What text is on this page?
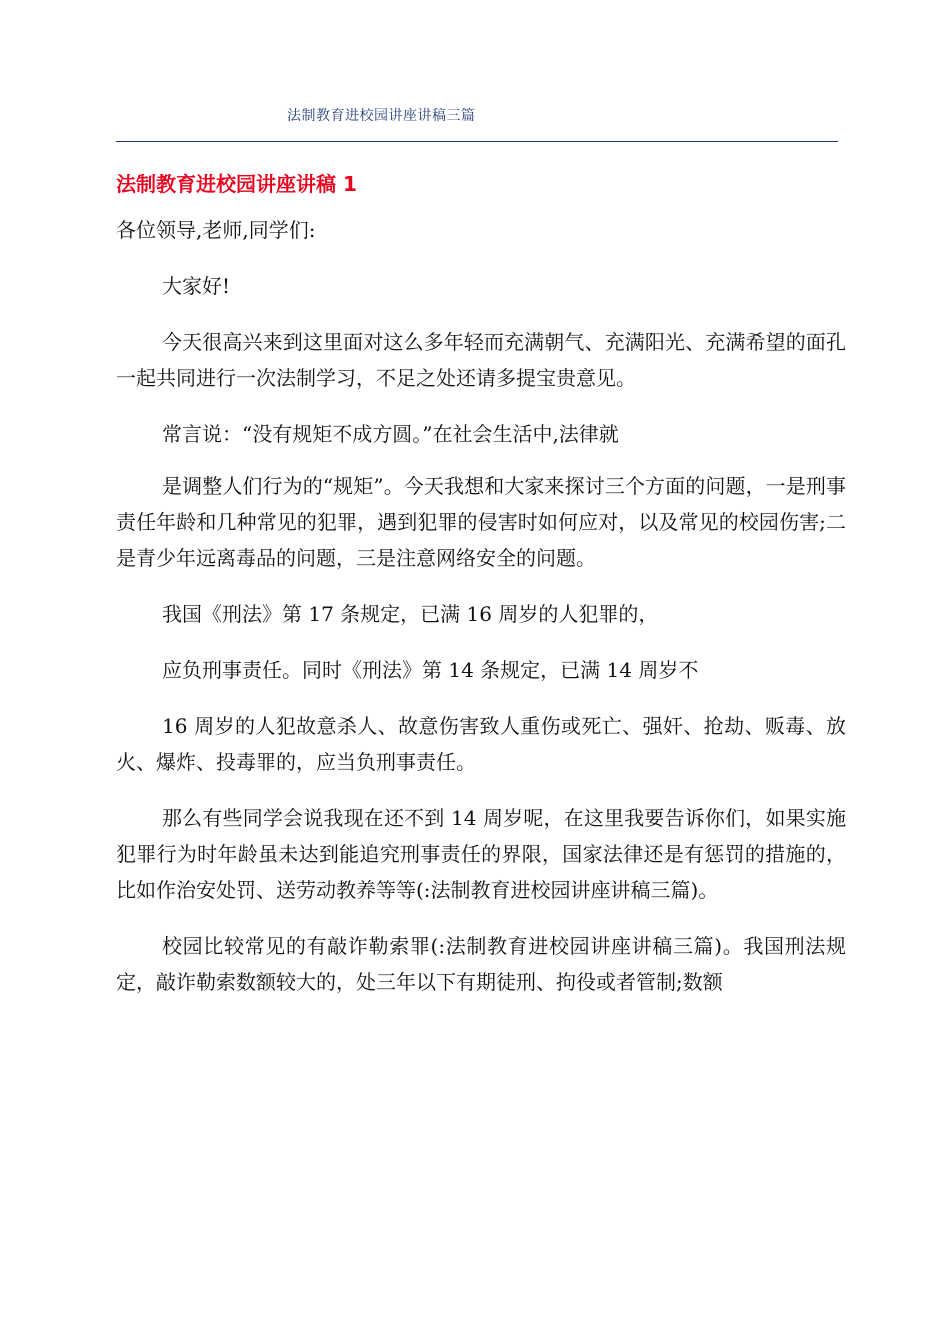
法制教育进校园讲座讲稿三篇
法制教育进校园讲座讲稿 1

各位领导,老师,同学们:

大家好!

今天很高兴来到这里面对这么多年轻而充满朝气、充满阳光、充满希望的面孔一起共同进行一次法制学习，不足之处还请多提宝贵意见。

常言说：“没有规矩不成方圆。”在社会生活中,法律就

是调整人们行为的“规矩”。今天我想和大家来探讨三个方面的问题，一是刑事责任年龄和几种常见的犯罪，遇到犯罪的侵害时如何应对，以及常见的校园伤害;二是青少年远离毒品的问题，三是注意网络安全的问题。

我国《刑法》第 17 条规定，已满 16 周岁的人犯罪的，

应负刑事责任。同时《刑法》第 14 条规定，已满 14 周岁不

16 周岁的人犯故意杀人、故意伤害致人重伤或死亡、强奸、抢劫、贩毒、放火、爆炸、投毒罪的，应当负刑事责任。

那么有些同学会说我现在还不到 14 周岁呢，在这里我要告诉你们，如果实施犯罪行为时年龄虽未达到能追究刑事责任的界限，国家法律还是有惩罚的措施的，比如作治安处罚、送劳动教养等等(:法制教育进校园讲座讲稿三篇)。

校园比较常见的有敲诈勒索罪(:法制教育进校园讲座讲稿三篇)。我国刑法规定，敲诈勒索数额较大的，处三年以下有期徒刑、拘役或者管制;数额
